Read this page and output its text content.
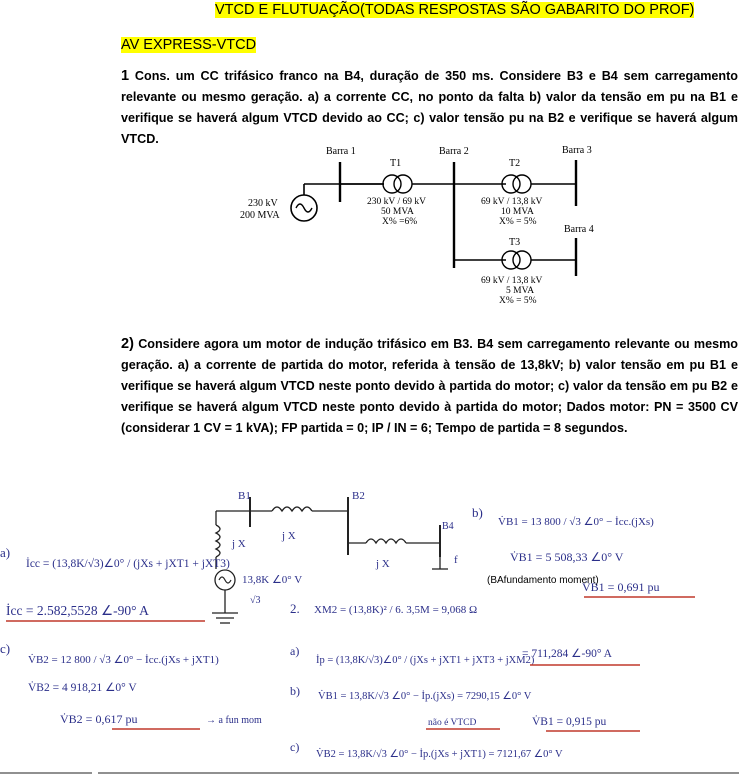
VTCD E FLUTUAÇÃO(TODAS RESPOSTAS SÃO GABARITO DO PROF)
AV EXPRESS-VTCD
1 Cons. um CC trifásico franco na B4, duração de 350 ms. Considere B3 e B4 sem carregamento relevante ou mesmo geração. a) a corrente CC, no ponto da falta b) valor da tensão em pu na B1 e verifique se haverá algum VTCD devido ao CC; c) valor tensão pu na B2 e verifique se haverá algum VTCD.
Barra 1	Barra 2	Barra 3
Barra 4
230 kV
200 MVA
T1
230 kV / 69 kV
50 MVA
X% =6%
T2
69 kV / 13,8 kV
10 MVA
X% = 5%
T3
69 kV / 13,8 kV
5 MVA
X% = 5%
2) Considere agora um motor de indução trifásico em B3. B4 sem carregamento relevante ou mesmo geração. a) a corrente de partida do motor, referida à tensão de 13,8kV; b) valor tensão em pu B1 e verifique se haverá algum VTCD neste ponto devido à partida do motor; c) valor da tensão em pu B2 e verifique se haverá algum VTCD neste ponto devido à partida do motor; Dados motor: PN = 3500 CV (considerar 1 CV = 1 kVA); FP partida = 0; IP / IN = 6; Tempo de partida = 8 segundos.
B1	B2
B4
j X
j X
j X	f
13,8K ∠0° V
√3
a)
İcc = (13,8K/√3)∠0° / (jXs + jXT1 + jXT3)
İcc = 2.582,5528 ∠-90° A
b)
V̇B1 = 13 800 / √3 ∠0° − İcc.(jXs)
V̇B1 = 5 508,33 ∠0° V
V̇B1 = 0,691 pu
c)
V̇B2 = 12 800 / √3 ∠0° − İcc.(jXs + jXT1)
V̇B2 = 4 918,21 ∠0° V
V̇B2 = 0,617 pu	→ a fun mom
2. XM2 = (13,8K)² / 6. 3,5M = 9,068 Ω
a)
İp = (13,8K/√3)∠0° / (jXs + jXT1 + jXT3 + jXM2)
= 711,284 ∠-90° A
b) V̇B1 = 13,8K/√3 ∠0° − İp.(jXs) = 7290,15 ∠0° V
não é VTCD	V̇B1 = 0,915 pu
c)
V̇B2 = 13,8K/√3 ∠0° − İp.(jXs + jXT1) = 7121,67 ∠0° V
(BAfundamento moment)
